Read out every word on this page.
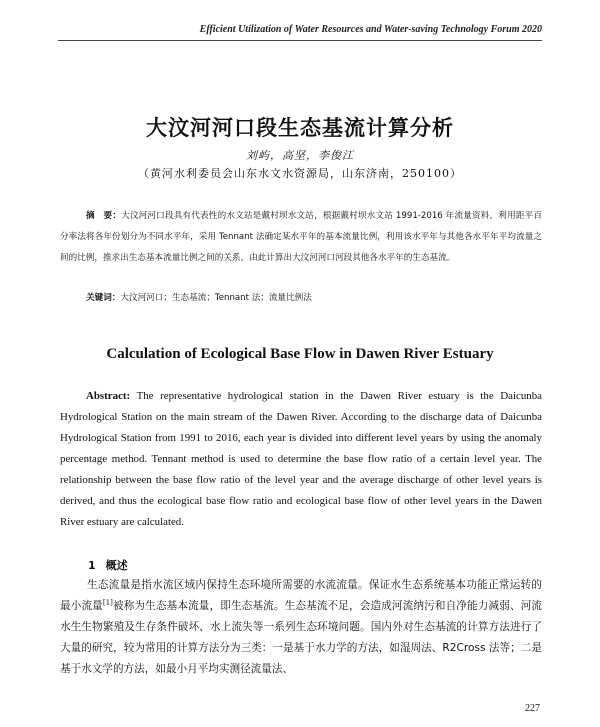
Efficient Utilization of Water Resources and Water-saving Technology Forum 2020
大汶河河口段生态基流计算分析
刘屿，高坚，李俊江
（黄河水利委员会山东水文水资源局，山东济南，250100）
摘　要：大汶河河口段具有代表性的水文站是戴村坝水文站，根据戴村坝水文站 1991-2016 年流量资料，利用距平百分率法将各年份划分为不同水平年，采用 Tennant 法确定某水平年的基本流量比例，利用该水平年与其他各水平年平均流量之间的比例，推求出生态基本流量比例之间的关系，由此计算出大汶河河口河段其他各水平年的生态基流。
关键词：大汶河河口；生态基流；Tennant 法；流量比例法
Calculation of Ecological Base Flow in Dawen River Estuary
Abstract: The representative hydrological station in the Dawen River estuary is the Daicunba Hydrological Station on the main stream of the Dawen River. According to the discharge data of Daicunba Hydrological Station from 1991 to 2016, each year is divided into different level years by using the anomaly percentage method. Tennant method is used to determine the base flow ratio of a certain level year. The relationship between the base flow ratio of the level year and the average discharge of other level years is derived, and thus the ecological base flow ratio and ecological base flow of other level years in the Dawen River estuary are calculated.
1 概述
生态流量是指水流区域内保持生态环境所需要的水流流量。保证水生态系统基本功能正常运转的最小流量[1]被称为生态基本流量，即生态基流。生态基流不足，会造成河流纳污和自净能力减弱、河流水生生物繁殖及生存条件破坏、水上流失等一系列生态环境问题。国内外对生态基流的计算方法进行了大量的研究，较为常用的计算方法分为三类：一是基于水力学的方法，如湿周法、R2Cross 法等；二是基于水文学的方法，如最小月平均实测径流量法、
227
